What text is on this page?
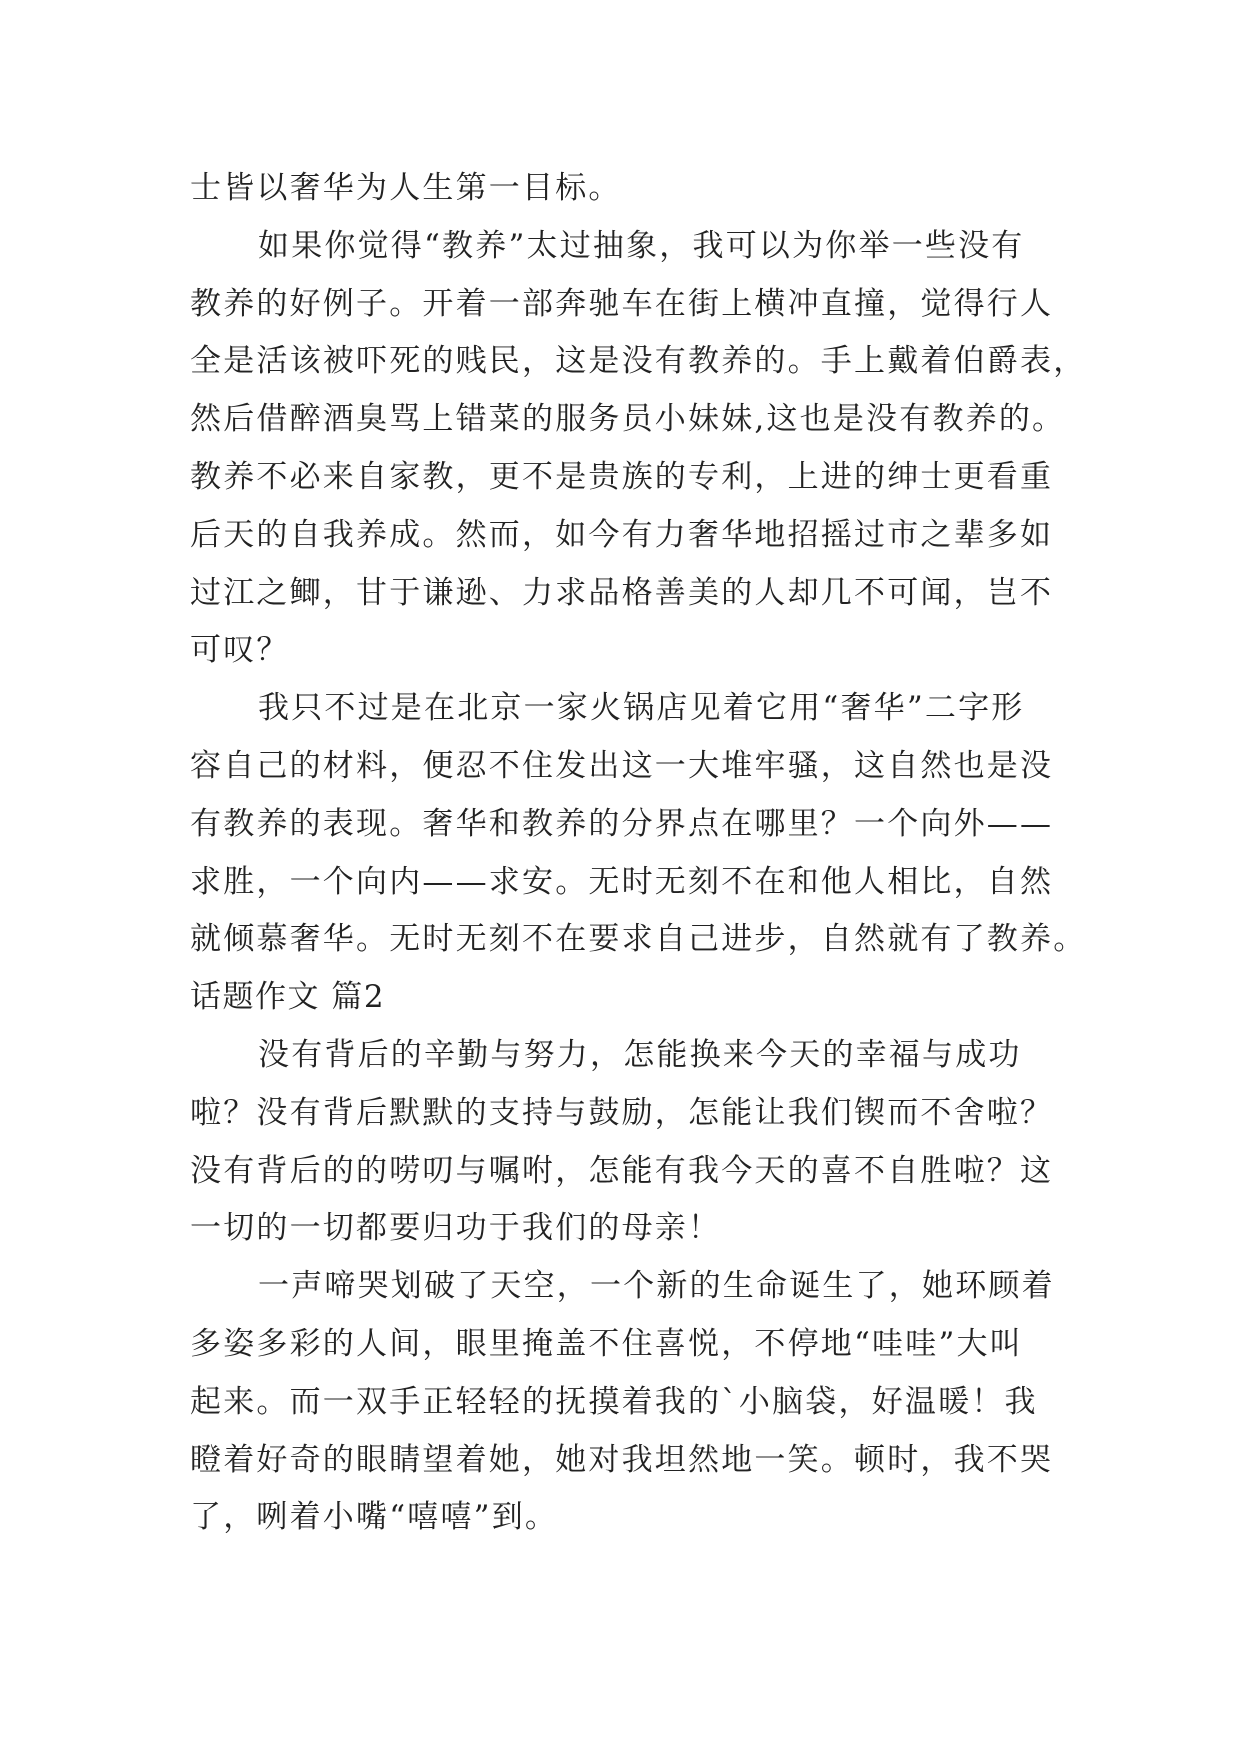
士皆以奢华为人生第一目标。
如果你觉得“教养”太过抽象，我可以为你举一些没有
教养的好例子。开着一部奔驰车在街上横冲直撞，觉得行人
全是活该被吓死的贱民，这是没有教养的。手上戴着伯爵表，
然后借醉酒臭骂上错菜的服务员小妹妹,这也是没有教养的。
教养不必来自家教，更不是贵族的专利，上进的绅士更看重
后天的自我养成。然而，如今有力奢华地招摇过市之辈多如
过江之鲫，甘于谦逊、力求品格善美的人却几不可闻，岂不
可叹？
我只不过是在北京一家火锅店见着它用“奢华”二字形
容自己的材料，便忍不住发出这一大堆牢骚，这自然也是没
有教养的表现。奢华和教养的分界点在哪里？一个向外——
求胜，一个向内——求安。无时无刻不在和他人相比，自然
就倾慕奢华。无时无刻不在要求自己进步，自然就有了教养。
话题作文 篇2
没有背后的辛勤与努力，怎能换来今天的幸福与成功
啦？没有背后默默的支持与鼓励，怎能让我们锲而不舍啦？
没有背后的的唠叨与嘱咐，怎能有我今天的喜不自胜啦？这
一切的一切都要归功于我们的母亲！
一声啼哭划破了天空，一个新的生命诞生了，她环顾着
多姿多彩的人间，眼里掩盖不住喜悦，不停地“哇哇”大叫
起来。而一双手正轻轻的抚摸着我的`小脑袋，好温暖！我
瞪着好奇的眼睛望着她，她对我坦然地一笑。顿时，我不哭
了，咧着小嘴“嘻嘻”到。
